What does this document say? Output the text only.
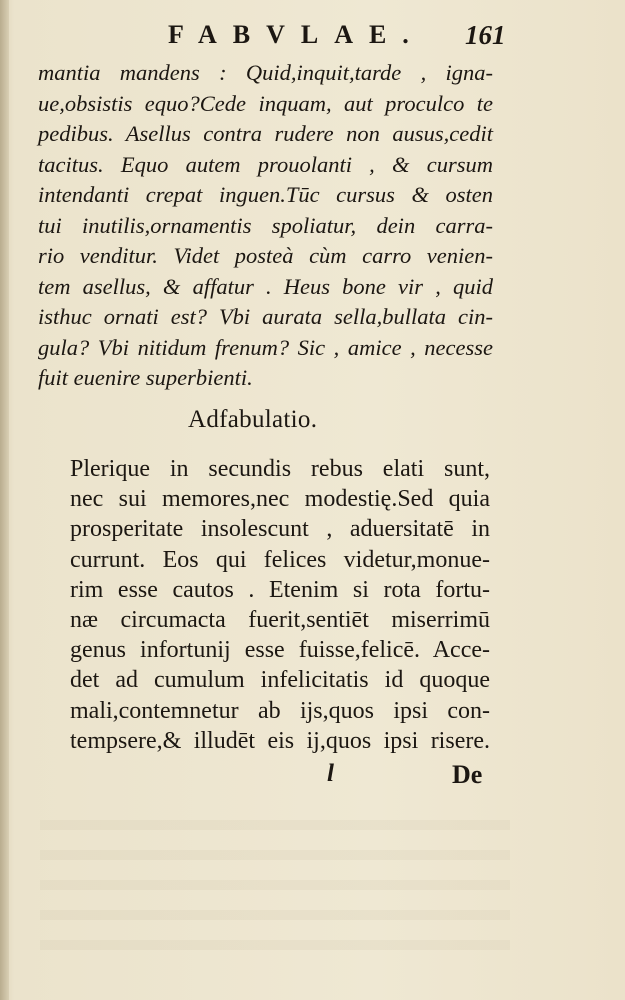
FABVLAE. 161
mantia mandens : Quid,inquit,tarde , igna-
ue,obsistis equo?Cede inquam, aut proculco te
pedibus. Asellus contra rudere non ausus,cedit
tacitus. Equo autem prouolanti , & cursum
intendanti crepat inguen.Tūc cursus & osten
tui inutilis,ornamentis spoliatur, dein carra-
rio venditur. Videt posteà cùm carro venien-
tem asellus, & affatur . Heus bone vir , quid
isthuc ornati est? Vbi aurata sella,bullata cin-
gula? Vbi nitidum frenum? Sic , amice , necesse
fuit euenire superbienti.
Adfabulatio.
Plerique in secundis rebus elati sunt,
nec sui memores,nec modestię.Sed quia
prosperitate insolescunt , aduersitatē in
currunt. Eos qui felices videtur,monue-
rim esse cautos . Etenim si rota fortu-
næ circumacta fuerit,sentiēt miserrimū
genus infortunij esse fuisse,felicē. Acce-
det ad cumulum infelicitatis id quoque
mali,contemnetur ab ijs,quos ipsi con-
tempsere,& illudēt eis ij,quos ipsi risere.
l	De
